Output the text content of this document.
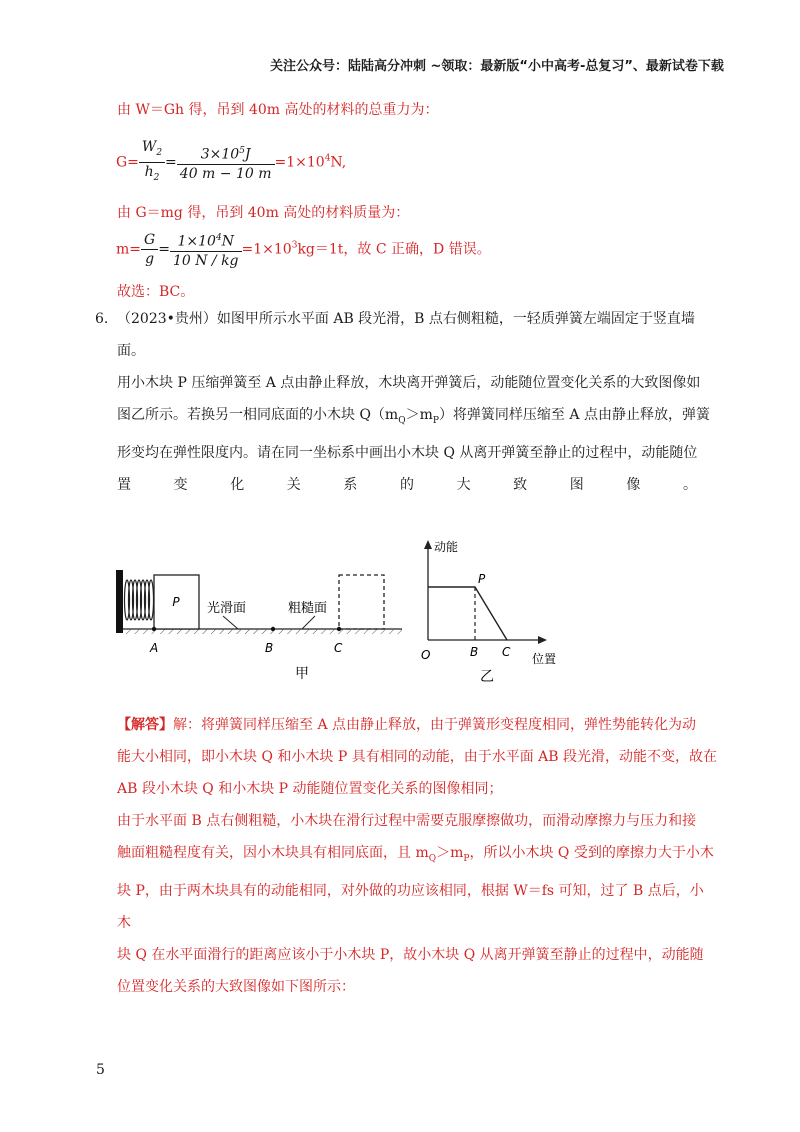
关注公众号：陆陆高分冲刺 ~领取：最新版“小中高考-总复习”、最新试卷下载
由 W＝Gh 得，吊到 40m 高处的材料的总重力为：
$G= \frac{W_2}{h_2} = \frac{3\times 10^5J}{40 m - 10 m} =1\times 10^4N$,
由 G＝mg 得，吊到 40m 高处的材料质量为：
$m= \frac{G}{g} = \frac{1\times 10^4N}{10 N / kg} =1\times 10^3kg=1t$，故 C 正确，D 错误。
故选：BC。
6. （2023•贵州）如图甲所示水平面 AB 段光滑，B 点右侧粗糙，一轻质弹簧左端固定于竖直墙面。
用小木块 P 压缩弹簧至 A 点由静止释放，木块离开弹簧后，动能随位置变化关系的大致图像如
图乙所示。若换另一相同底面的小木块 $Q(m_Q>m_P)$将弹簧同样压缩至 A 点由静止释放，弹簧
形变均在弹性限度内。请在同一坐标系中画出小木块 Q 从离开弹簧至静止的过程中，动能随位
置	变	化	关	系	的	大	致	图	像	。
P 光滑面	粗糙面
A	B	C
甲
动能
位置
O
P
B C
乙
【解答】解：将弹簧同样压缩至 A 点由静止释放，由于弹簧形变程度相同，弹性势能转化为动
能大小相同，即小木块 Q 和小木块 P 具有相同的动能，由于水平面 AB 段光滑，动能不变，故在
AB 段小木块 Q 和小木块 P 动能随位置变化关系的图像相同；
由于水平面 B 点右侧粗糙，小木块在滑行过程中需要克服摩擦做功，而滑动摩擦力与压力和接
触面粗糙程度有关，因小木块具有相同底面，且 $m_Q>m_P$，所以小木块 Q 受到的摩擦力大于小木
块 P，由于两木块具有的动能相同，对外做的功应该相同，根据 W＝fs 可知，过了 B 点后，小木
块 Q 在水平面滑行的距离应该小于小木块 P，故小木块 Q 从离开弹簧至静止的过程中，动能随
位置变化关系的大致图像如下图所示：
5
